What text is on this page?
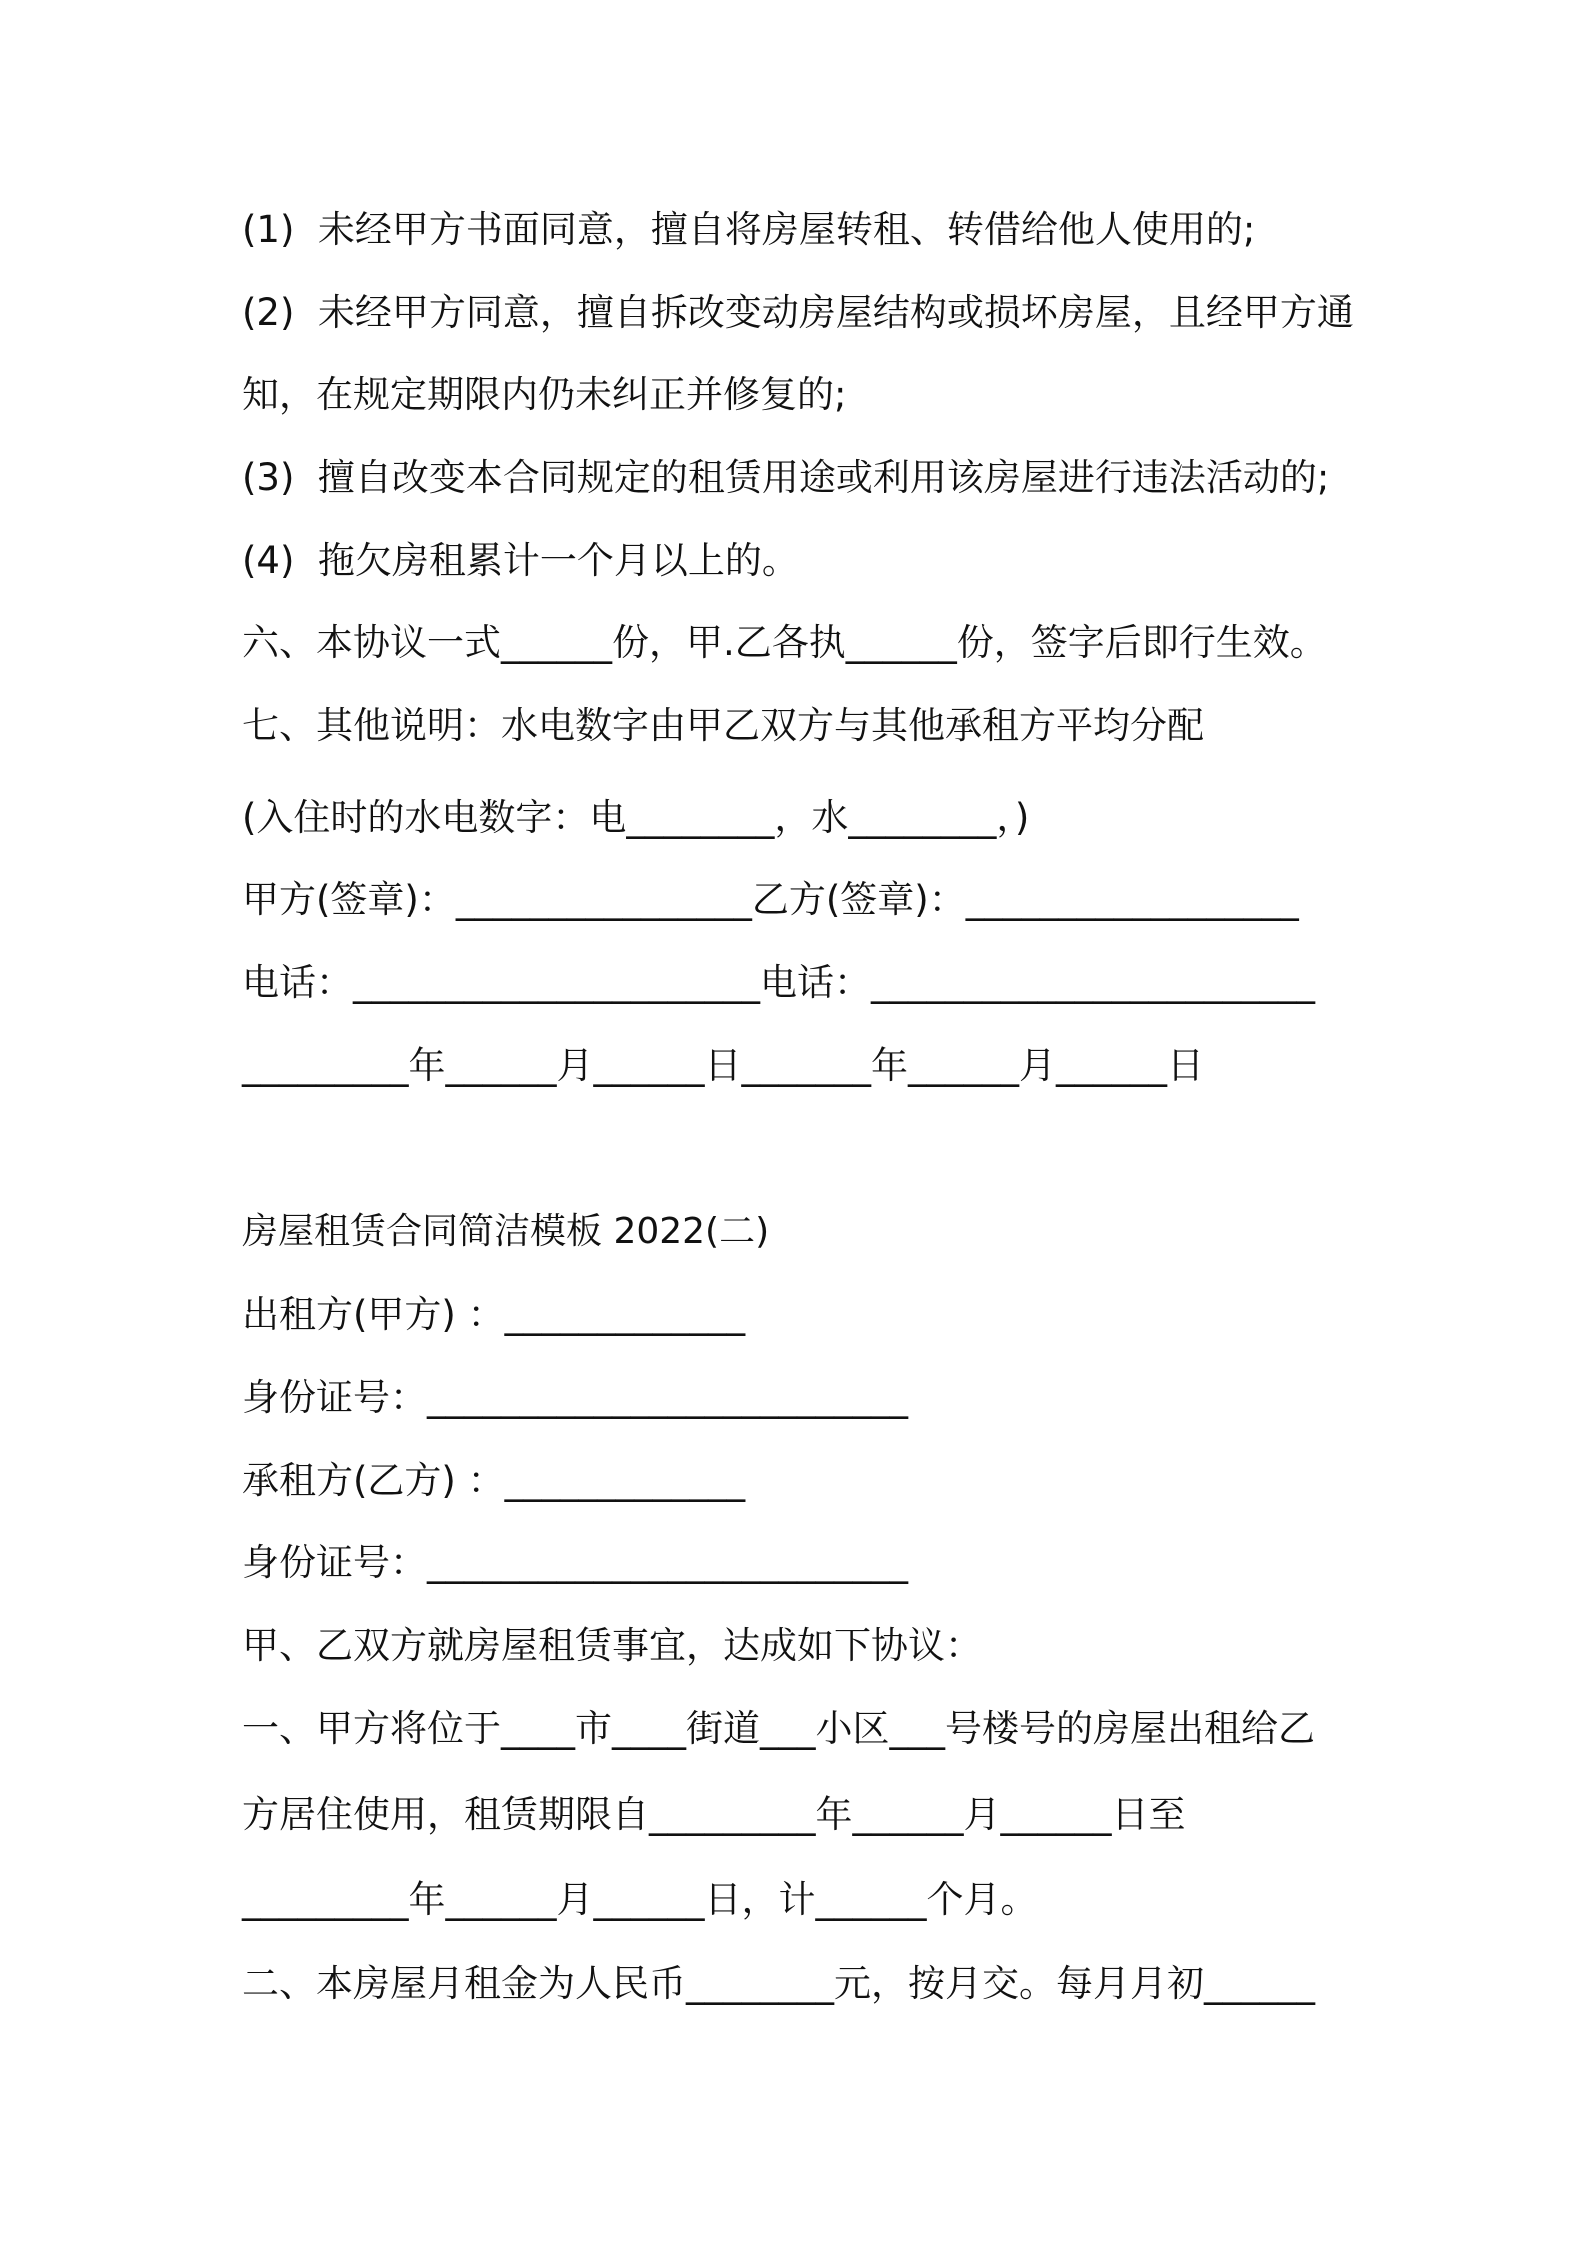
(1)  未经甲方书面同意，擅自将房屋转租、转借给他人使用的;

(2)  未经甲方同意，擅自拆改变动房屋结构或损坏房屋，且经甲方通

知，在规定期限内仍未纠正并修复的;

(3)  擅自改变本合同规定的租赁用途或利用该房屋进行违法活动的;

(4)  拖欠房租累计一个月以上的。

六、本协议一式______份，甲.乙各执______份，签字后即行生效。

七、其他说明：水电数字由甲乙双方与其他承租方平均分配

(入住时的水电数字：电________，水________，)

甲方(签章)：________________乙方(签章)：__________________

电话：______________________电话：________________________

_________年______月______日_______年______月______日

房屋租赁合同简洁模板 2022(二)

出租方(甲方) ：_____________

身份证号：__________________________

承租方(乙方) ：_____________

身份证号：__________________________

甲、乙双方就房屋租赁事宜，达成如下协议：

一、甲方将位于____市____街道___小区___号楼号的房屋出租给乙

方居住使用，租赁期限自_________年______月______日至

_________年______月______日，计______个月。

二、本房屋月租金为人民币________元，按月交。每月月初______
